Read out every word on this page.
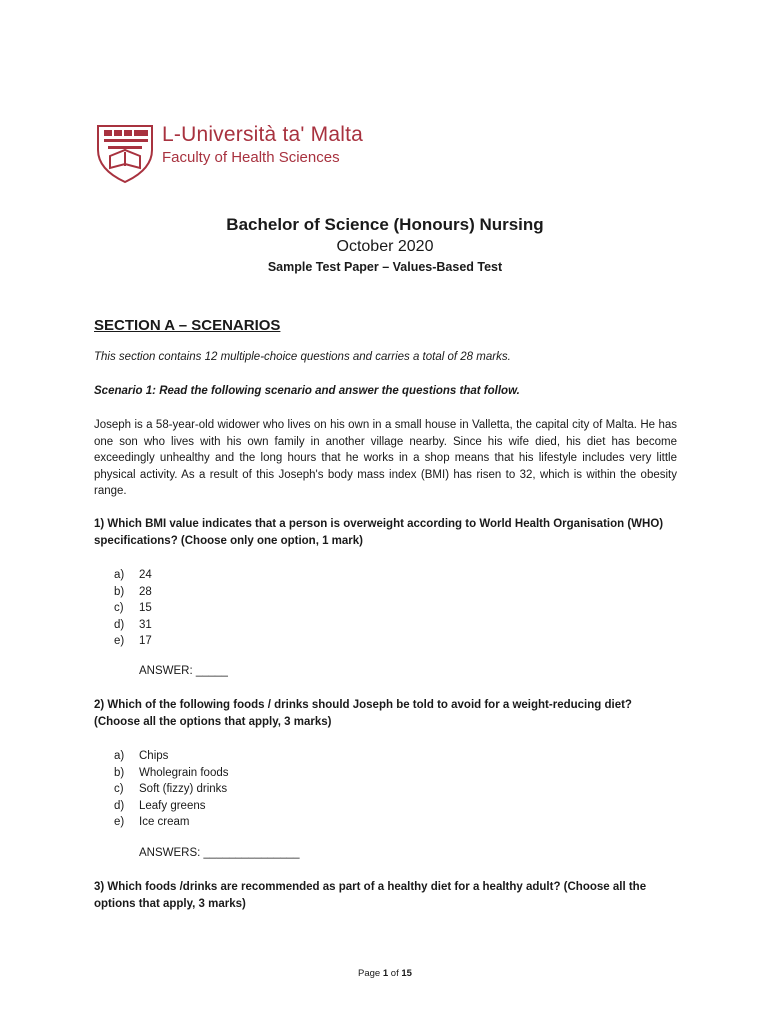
L-Università ta' Malta
Faculty of Health Sciences
Bachelor of Science (Honours) Nursing
October 2020
Sample Test Paper – Values-Based Test
SECTION A – SCENARIOS
This section contains 12 multiple-choice questions and carries a total of 28 marks.
Scenario 1: Read the following scenario and answer the questions that follow.
Joseph is a 58-year-old widower who lives on his own in a small house in Valletta, the capital city of Malta. He has one son who lives with his own family in another village nearby. Since his wife died, his diet has become exceedingly unhealthy and the long hours that he works in a shop means that his lifestyle includes very little physical activity. As a result of this Joseph's body mass index (BMI) has risen to 32, which is within the obesity range.
1) Which BMI value indicates that a person is overweight according to World Health Organisation (WHO) specifications? (Choose only one option, 1 mark)
a) 24
b) 28
c) 15
d) 31
e) 17
ANSWER: _____
2) Which of the following foods / drinks should Joseph be told to avoid for a weight-reducing diet? (Choose all the options that apply, 3 marks)
a) Chips
b) Wholegrain foods
c) Soft (fizzy) drinks
d) Leafy greens
e) Ice cream
ANSWERS: _______________
3) Which foods /drinks are recommended as part of a healthy diet for a healthy adult? (Choose all the options that apply, 3 marks)
Page 1 of 15
